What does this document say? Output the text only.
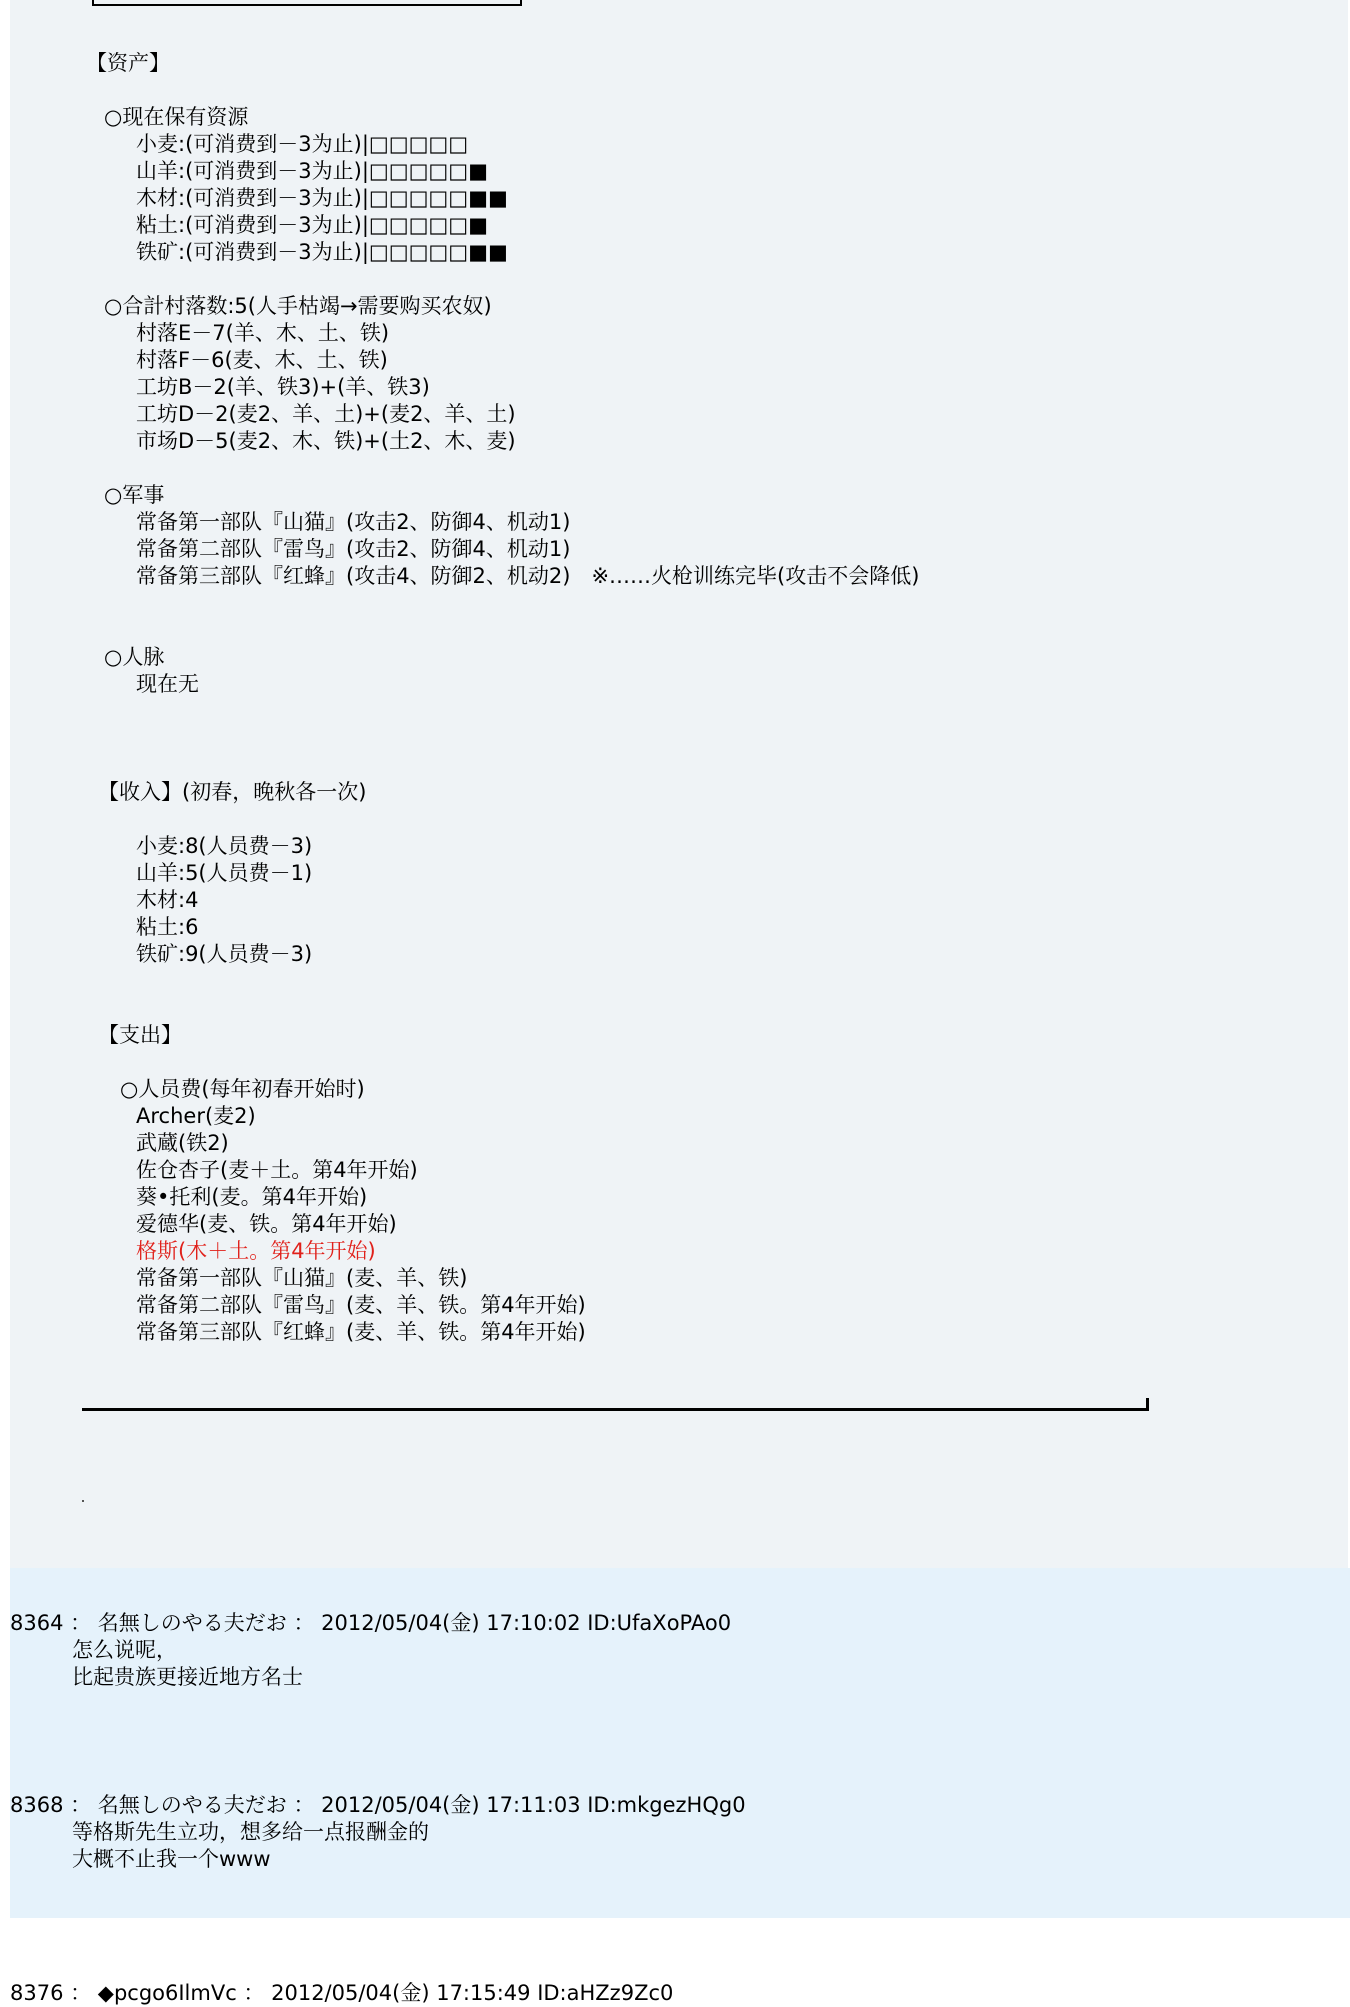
【资产】
○现在保有资源
小麦:(可消费到－3为止)|□□□□□
山羊:(可消费到－3为止)|□□□□□■
木材:(可消费到－3为止)|□□□□□■■
粘土:(可消费到－3为止)|□□□□□■
铁矿:(可消费到－3为止)|□□□□□■■
○合計村落数:5(人手枯竭→需要购买农奴)
村落E－7(羊、木、土、铁)
村落F－6(麦、木、土、铁)
工坊B－2(羊、铁3)+(羊、铁3)
工坊D－2(麦2、羊、土)+(麦2、羊、土)
市场D－5(麦2、木、铁)+(土2、木、麦)
○军事
常备第一部队『山猫』(攻击2、防御4、机动1)
常备第二部队『雷鸟』(攻击2、防御4、机动1)
常备第三部队『红蜂』(攻击4、防御2、机动2)　※……火枪训练完毕(攻击不会降低)
○人脉
现在无
【收入】(初春，晚秋各一次)
小麦:8(人员费－3)
山羊:5(人员费－1)
木材:4
粘土:6
铁矿:9(人员费－3)
【支出】
○人员费(每年初春开始时)
Archer(麦2)
武蔵(铁2)
佐仓杏子(麦＋土。第4年开始)
葵•托利(麦。第4年开始)
爱德华(麦、铁。第4年开始)
格斯(木＋土。第4年开始)
常备第一部队『山猫』(麦、羊、铁)
常备第二部队『雷鸟』(麦、羊、铁。第4年开始)
常备第三部队『红蜂』(麦、羊、铁。第4年开始)
8364 ： 名無しのやる夫だお ： 2012/05/04(金) 17:10:02 ID:UfaXoPAo0
怎么说呢，
比起贵族更接近地方名士
8368 ： 名無しのやる夫だお ： 2012/05/04(金) 17:11:03 ID:mkgezHQg0
等格斯先生立功，想多给一点报酬金的
大概不止我一个www
8376 ： ◆pcgo6IlmVc ： 2012/05/04(金) 17:15:49 ID:aHZz9Zc0
